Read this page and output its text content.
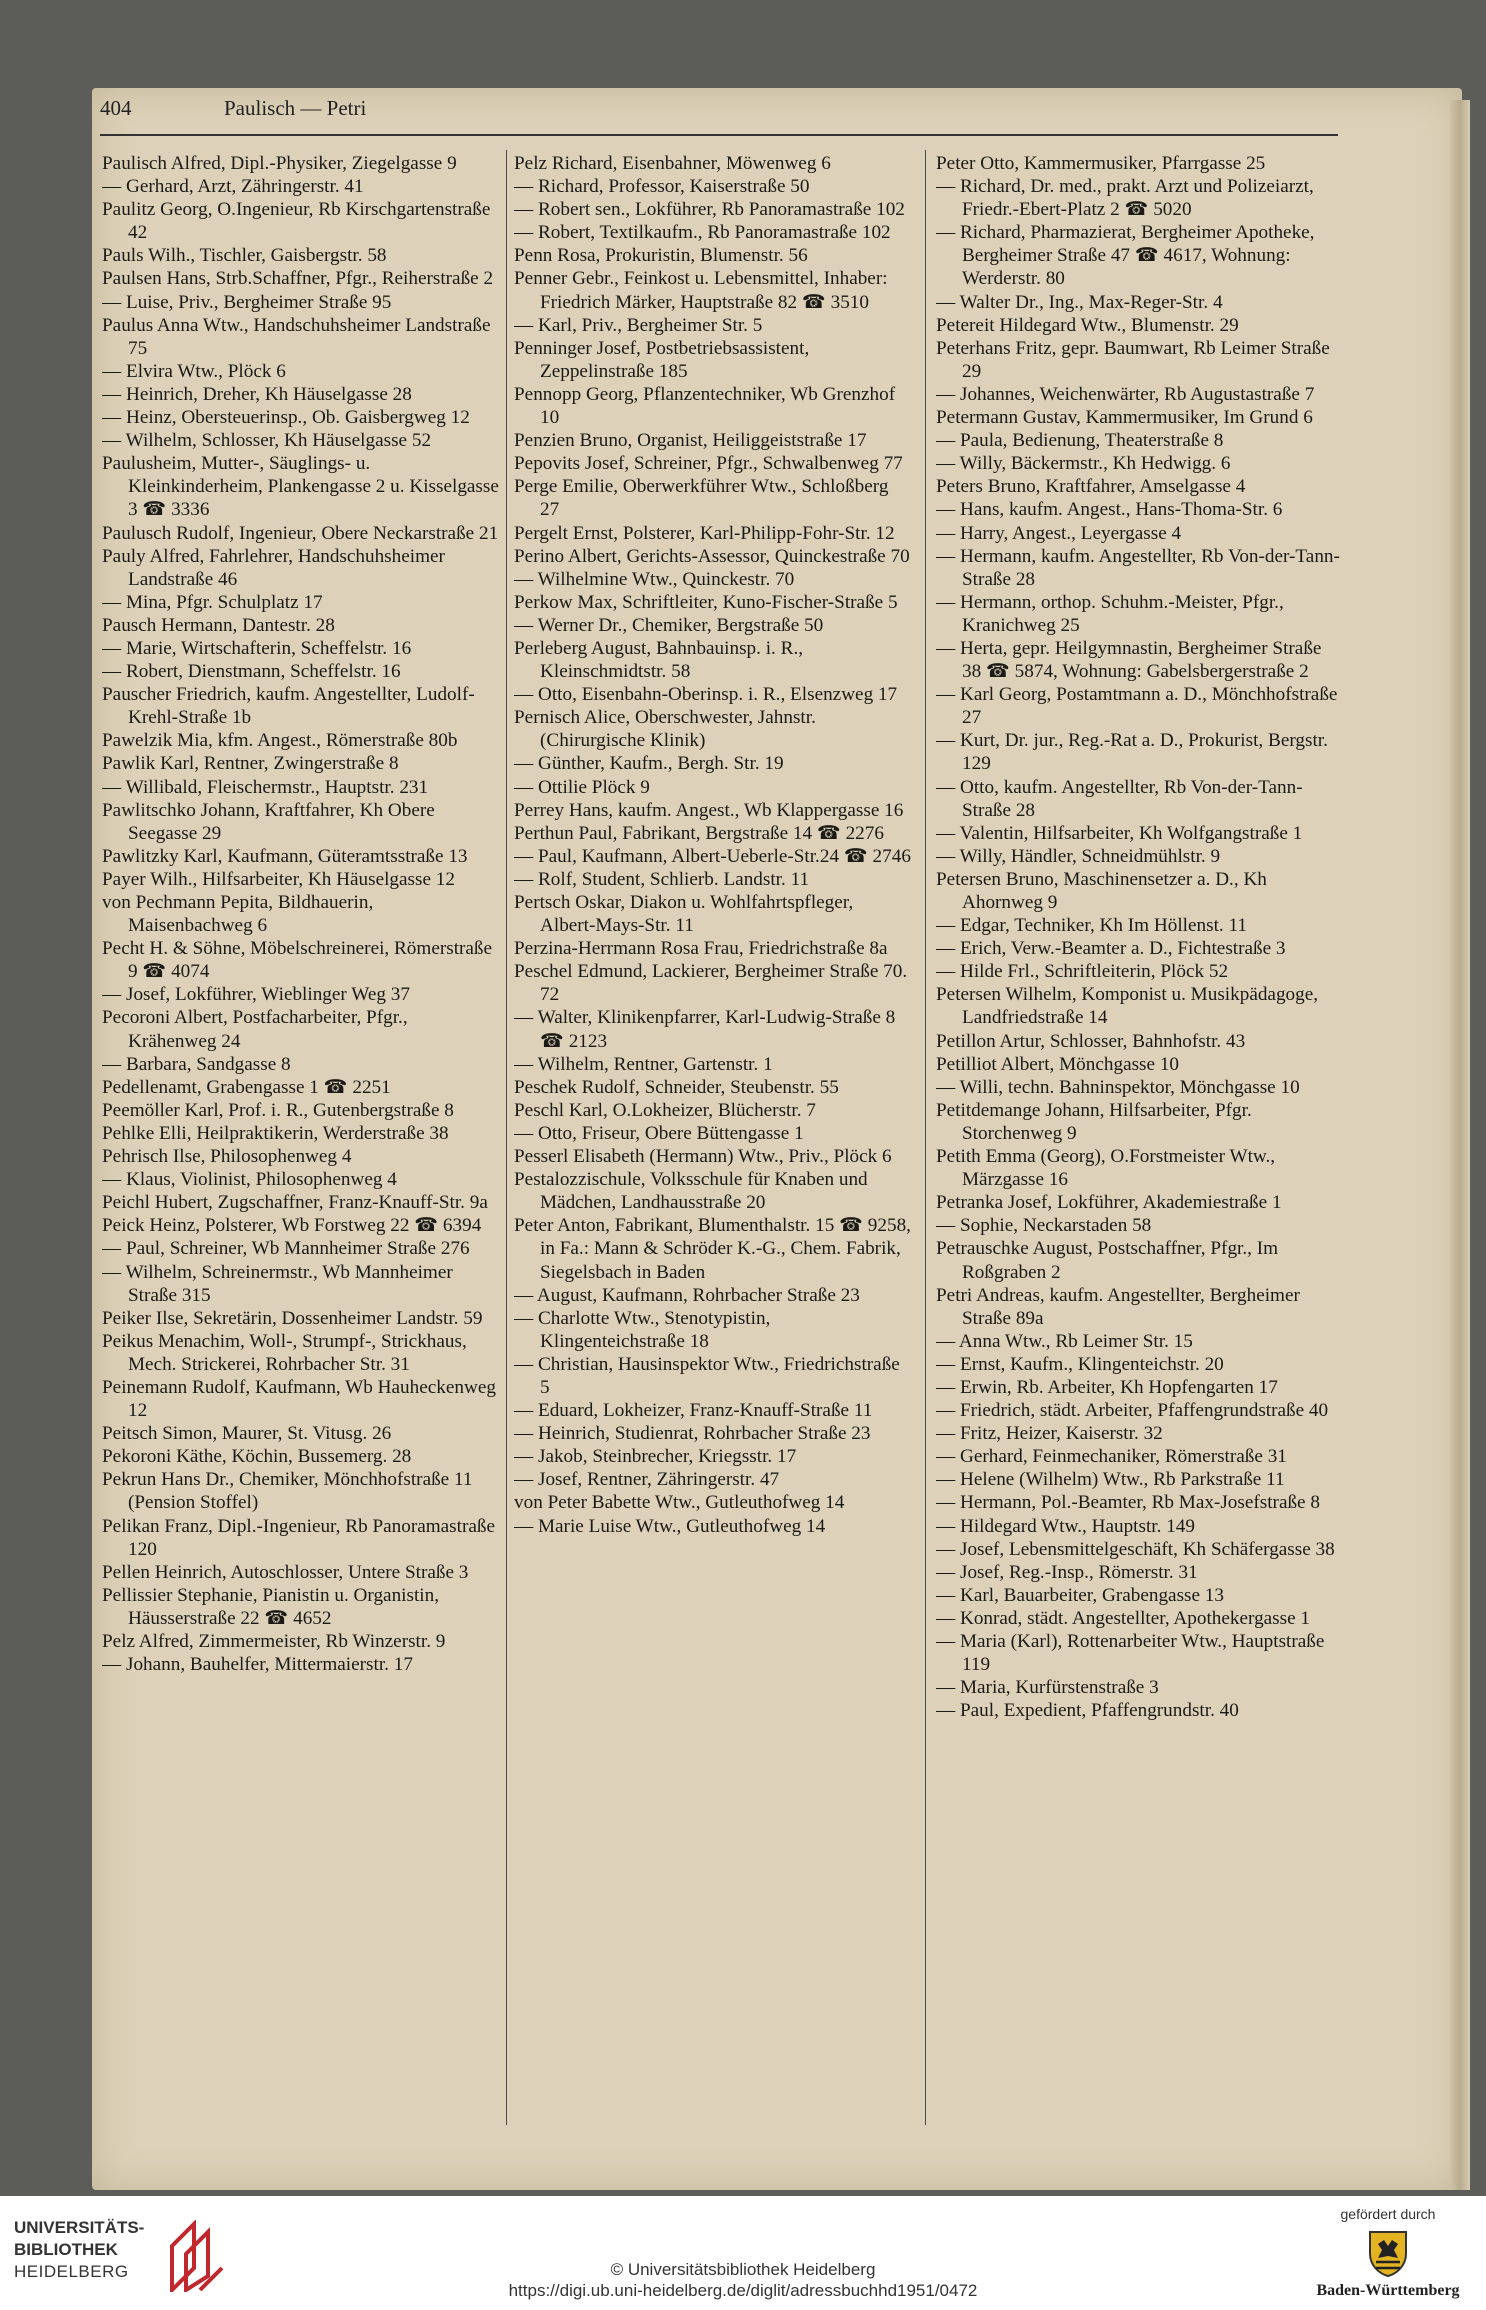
404	Paulisch — Petri

Paulisch Alfred, Dipl.-Physiker, Ziegelgasse 9

— Gerhard, Arzt, Zähringerstr. 41

Paulitz Georg, O.Ingenieur, Rb Kirschgartenstraße 42

Pauls Wilh., Tischler, Gaisbergstr. 58

Paulsen Hans, Strb.Schaffner, Pfgr., Reiherstraße 2

— Luise, Priv., Bergheimer Straße 95

Paulus Anna Wtw., Handschuhsheimer Landstraße 75

— Elvira Wtw., Plöck 6

— Heinrich, Dreher, Kh Häuselgasse 28

— Heinz, Obersteuerinsp., Ob. Gaisbergweg 12

— Wilhelm, Schlosser, Kh Häuselgasse 52

Paulusheim, Mutter-, Säuglings- u. Kleinkinderheim, Plankengasse 2 u. Kisselgasse 3 ☎ 3336

Paulusch Rudolf, Ingenieur, Obere Neckarstraße 21

Pauly Alfred, Fahrlehrer, Handschuhsheimer Landstraße 46

— Mina, Pfgr. Schulplatz 17

Pausch Hermann, Dantestr. 28

— Marie, Wirtschafterin, Scheffelstr. 16

— Robert, Dienstmann, Scheffelstr. 16

Pauscher Friedrich, kaufm. Angestellter, Ludolf-Krehl-Straße 1b

Pawelzik Mia, kfm. Angest., Römerstraße 80b

Pawlik Karl, Rentner, Zwingerstraße 8

— Willibald, Fleischermstr., Hauptstr. 231

Pawlitschko Johann, Kraftfahrer, Kh Obere Seegasse 29

Pawlitzky Karl, Kaufmann, Güteramtsstraße 13

Payer Wilh., Hilfsarbeiter, Kh Häuselgasse 12

von Pechmann Pepita, Bildhauerin, Maisenbachweg 6

Pecht H. & Söhne, Möbelschreinerei, Römerstraße 9 ☎ 4074

— Josef, Lokführer, Wieblinger Weg 37

Pecoroni Albert, Postfacharbeiter, Pfgr., Krähenweg 24

— Barbara, Sandgasse 8

Pedellenamt, Grabengasse 1 ☎ 2251

Peemöller Karl, Prof. i. R., Gutenbergstraße 8

Pehlke Elli, Heilpraktikerin, Werderstraße 38

Pehrisch Ilse, Philosophenweg 4

— Klaus, Violinist, Philosophenweg 4

Peichl Hubert, Zugschaffner, Franz-Knauff-Str. 9a

Peick Heinz, Polsterer, Wb Forstweg 22 ☎ 6394

— Paul, Schreiner, Wb Mannheimer Straße 276

— Wilhelm, Schreinermstr., Wb Mannheimer Straße 315

Peiker Ilse, Sekretärin, Dossenheimer Landstr. 59

Peikus Menachim, Woll-, Strumpf-, Strickhaus, Mech. Strickerei, Rohrbacher Str. 31

Peinemann Rudolf, Kaufmann, Wb Hauheckenweg 12

Peitsch Simon, Maurer, St. Vitusg. 26

Pekoroni Käthe, Köchin, Bussemerg. 28

Pekrun Hans Dr., Chemiker, Mönchhofstraße 11 (Pension Stoffel)

Pelikan Franz, Dipl.-Ingenieur, Rb Panoramastraße 120

Pellen Heinrich, Autoschlosser, Untere Straße 3

Pellissier Stephanie, Pianistin u. Organistin, Häusserstraße 22 ☎ 4652

Pelz Alfred, Zimmermeister, Rb Winzerstr. 9

— Johann, Bauhelfer, Mittermaierstr. 17

Pelz Richard, Eisenbahner, Möwenweg 6

— Richard, Professor, Kaiserstraße 50

— Robert sen., Lokführer, Rb Panoramastraße 102

— Robert, Textilkaufm., Rb Panoramastraße 102

Penn Rosa, Prokuristin, Blumenstr. 56

Penner Gebr., Feinkost u. Lebensmittel, Inhaber: Friedrich Märker, Hauptstraße 82 ☎ 3510

— Karl, Priv., Bergheimer Str. 5

Penninger Josef, Postbetriebsassistent, Zeppelinstraße 185

Pennopp Georg, Pflanzentechniker, Wb Grenzhof 10

Penzien Bruno, Organist, Heiliggeiststraße 17

Pepovits Josef, Schreiner, Pfgr., Schwalbenweg 77

Perge Emilie, Oberwerkführer Wtw., Schloßberg 27

Pergelt Ernst, Polsterer, Karl-Philipp-Fohr-Str. 12

Perino Albert, Gerichts-Assessor, Quinckestraße 70

— Wilhelmine Wtw., Quinckestr. 70

Perkow Max, Schriftleiter, Kuno-Fischer-Straße 5

— Werner Dr., Chemiker, Bergstraße 50

Perleberg August, Bahnbauinsp. i. R., Kleinschmidtstr. 58

— Otto, Eisenbahn-Oberinsp. i. R., Elsenzweg 17

Pernisch Alice, Oberschwester, Jahnstr. (Chirurgische Klinik)

— Günther, Kaufm., Bergh. Str. 19

— Ottilie Plöck 9

Perrey Hans, kaufm. Angest., Wb Klappergasse 16

Perthun Paul, Fabrikant, Bergstraße 14 ☎ 2276

— Paul, Kaufmann, Albert-Ueberle-Str.24 ☎ 2746

— Rolf, Student, Schlierb. Landstr. 11

Pertsch Oskar, Diakon u. Wohlfahrtspfleger, Albert-Mays-Str. 11

Perzina-Herrmann Rosa Frau, Friedrichstraße 8a

Peschel Edmund, Lackierer, Bergheimer Straße 70. 72

— Walter, Klinikenpfarrer, Karl-Ludwig-Straße 8 ☎ 2123

— Wilhelm, Rentner, Gartenstr. 1

Peschek Rudolf, Schneider, Steubenstr. 55

Peschl Karl, O.Lokheizer, Blücherstr. 7

— Otto, Friseur, Obere Büttengasse 1

Pesserl Elisabeth (Hermann) Wtw., Priv., Plöck 6

Pestalozzischule, Volksschule für Knaben und Mädchen, Landhausstraße 20

Peter Anton, Fabrikant, Blumenthalstr. 15 ☎ 9258, in Fa.: Mann & Schröder K.-G., Chem. Fabrik, Siegelsbach in Baden

— August, Kaufmann, Rohrbacher Straße 23

— Charlotte Wtw., Stenotypistin, Klingenteichstraße 18

— Christian, Hausinspektor Wtw., Friedrichstraße 5

— Eduard, Lokheizer, Franz-Knauff-Straße 11

— Heinrich, Studienrat, Rohrbacher Straße 23

— Jakob, Steinbrecher, Kriegsstr. 17

— Josef, Rentner, Zähringerstr. 47

von Peter Babette Wtw., Gutleuthofweg 14

— Marie Luise Wtw., Gutleuthofweg 14

Peter Otto, Kammermusiker, Pfarrgasse 25

— Richard, Dr. med., prakt. Arzt und Polizeiarzt, Friedr.-Ebert-Platz 2 ☎ 5020

— Richard, Pharmazierat, Bergheimer Apotheke, Bergheimer Straße 47 ☎ 4617, Wohnung: Werderstr. 80

— Walter Dr., Ing., Max-Reger-Str. 4

Petereit Hildegard Wtw., Blumenstr. 29

Peterhans Fritz, gepr. Baumwart, Rb Leimer Straße 29

— Johannes, Weichenwärter, Rb Augustastraße 7

Petermann Gustav, Kammermusiker, Im Grund 6

— Paula, Bedienung, Theaterstraße 8

— Willy, Bäckermstr., Kh Hedwigg. 6

Peters Bruno, Kraftfahrer, Amselgasse 4

— Hans, kaufm. Angest., Hans-Thoma-Str. 6

— Harry, Angest., Leyergasse 4

— Hermann, kaufm. Angestellter, Rb Von-der-Tann-Straße 28

— Hermann, orthop. Schuhm.-Meister, Pfgr., Kranichweg 25

— Herta, gepr. Heilgymnastin, Bergheimer Straße 38 ☎ 5874, Wohnung: Gabelsbergerstraße 2

— Karl Georg, Postamtmann a. D., Mönchhofstraße 27

— Kurt, Dr. jur., Reg.-Rat a. D., Prokurist, Bergstr. 129

— Otto, kaufm. Angestellter, Rb Von-der-Tann-Straße 28

— Valentin, Hilfsarbeiter, Kh Wolfgangstraße 1

— Willy, Händler, Schneidmühlstr. 9

Petersen Bruno, Maschinensetzer a. D., Kh Ahornweg 9

— Edgar, Techniker, Kh Im Höllenst. 11

— Erich, Verw.-Beamter a. D., Fichtestraße 3

— Hilde Frl., Schriftleiterin, Plöck 52

Petersen Wilhelm, Komponist u. Musikpädagoge, Landfriedstraße 14

Petillon Artur, Schlosser, Bahnhofstr. 43

Petilliot Albert, Mönchgasse 10

— Willi, techn. Bahninspektor, Mönchgasse 10

Petitdemange Johann, Hilfsarbeiter, Pfgr. Storchenweg 9

Petith Emma (Georg), O.Forstmeister Wtw., Märzgasse 16

Petranka Josef, Lokführer, Akademiestraße 1

— Sophie, Neckarstaden 58

Petrauschke August, Postschaffner, Pfgr., Im Roßgraben 2

Petri Andreas, kaufm. Angestellter, Bergheimer Straße 89a

— Anna Wtw., Rb Leimer Str. 15

— Ernst, Kaufm., Klingenteichstr. 20

— Erwin, Rb. Arbeiter, Kh Hopfengarten 17

— Friedrich, städt. Arbeiter, Pfaffengrundstraße 40

— Fritz, Heizer, Kaiserstr. 32

— Gerhard, Feinmechaniker, Römerstraße 31

— Helene (Wilhelm) Wtw., Rb Parkstraße 11

— Hermann, Pol.-Beamter, Rb Max-Josefstraße 8

— Hildegard Wtw., Hauptstr. 149

— Josef, Lebensmittelgeschäft, Kh Schäfergasse 38

— Josef, Reg.-Insp., Römerstr. 31

— Karl, Bauarbeiter, Grabengasse 13

— Konrad, städt. Angestellter, Apothekergasse 1

— Maria (Karl), Rottenarbeiter Wtw., Hauptstraße 119

— Maria, Kurfürstenstraße 3

— Paul, Expedient, Pfaffengrundstr. 40

UNIVERSITÄTS-
BIBLIOTHEK
HEIDELBERG	© Universitätsbibliothek Heidelberg
https://digi.ub.uni-heidelberg.de/diglit/adressbuchhd1951/0472
gefördert durch
Baden-Württemberg
